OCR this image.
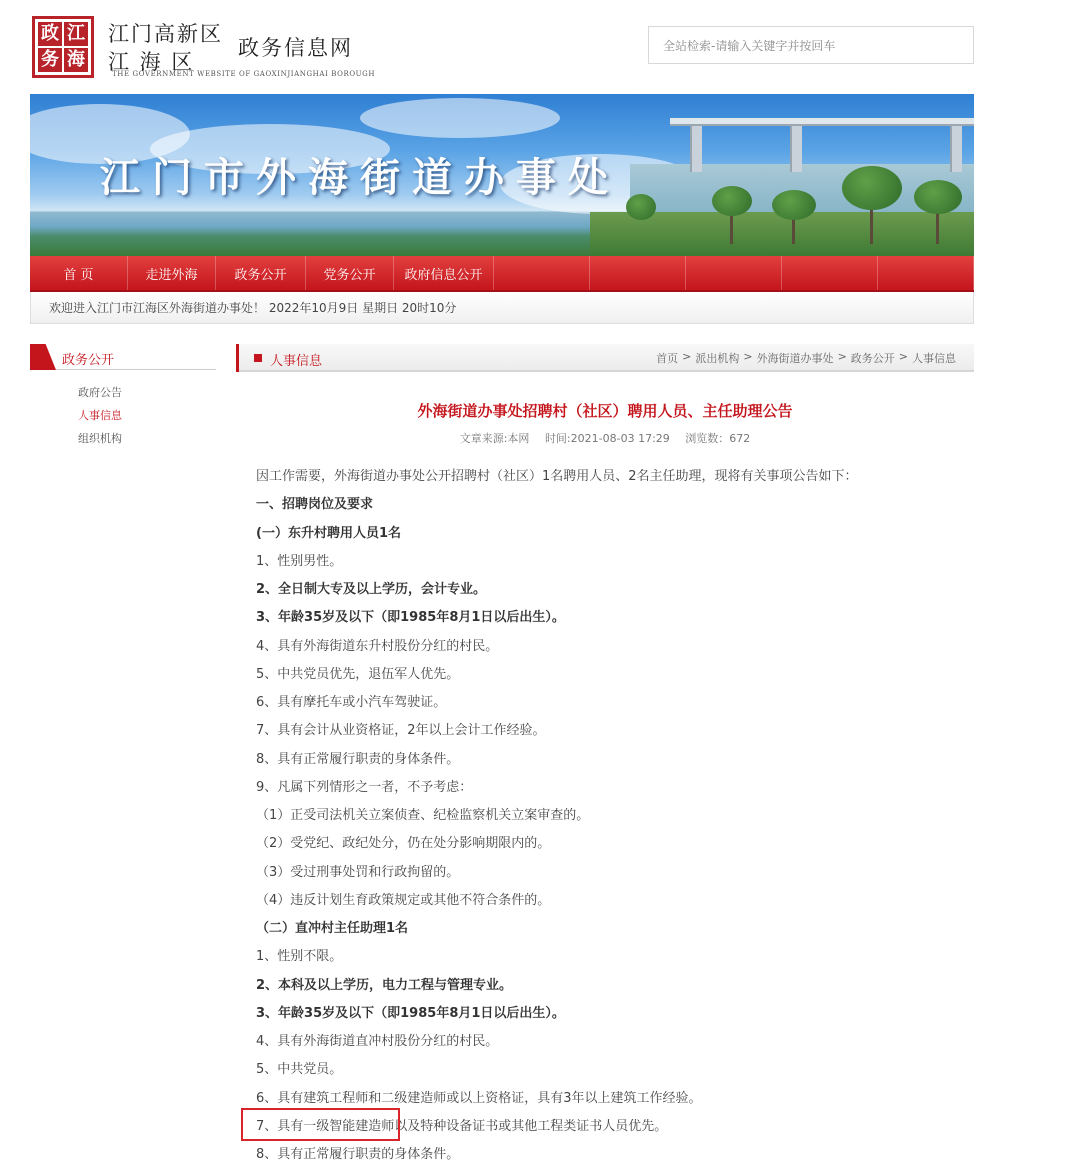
政 江
务 海
江门高新区
江 海 区
政务信息网
THE GOVERNMENT WEBSITE OF GAOXINJIANGHAI BOROUGH
全站检索-请输入关键字并按回车
江门市外海街道办事处
首 页	走进外海	政务公开	党务公开	政府信息公开
欢迎进入江门市江海区外海街道办事处！ 2022年10月9日 星期日 20时10分
政务公开
政府公告
人事信息
组织机构
人事信息	首页 > 派出机构 > 外海街道办事处 > 政务公开 > 人事信息
外海街道办事处招聘村（社区）聘用人员、主任助理公告
文章来源:本网 时间:2021-08-03 17:29 浏览数：672
因工作需要，外海街道办事处公开招聘村（社区）1名聘用人员、2名主任助理，现将有关事项公告如下：
一、招聘岗位及要求
(一）东升村聘用人员1名
1、性别男性。
2、全日制大专及以上学历，会计专业。
3、年龄35岁及以下（即1985年8月1日以后出生）。
4、具有外海街道东升村股份分红的村民。
5、中共党员优先，退伍军人优先。
6、具有摩托车或小汽车驾驶证。
7、具有会计从业资格证，2年以上会计工作经验。
8、具有正常履行职责的身体条件。
9、凡属下列情形之一者，不予考虑：
（1）正受司法机关立案侦查、纪检监察机关立案审查的。
（2）受党纪、政纪处分，仍在处分影响期限内的。
（3）受过刑事处罚和行政拘留的。
（4）违反计划生育政策规定或其他不符合条件的。
（二）直冲村主任助理1名
1、性别不限。
2、本科及以上学历，电力工程与管理专业。
3、年龄35岁及以下（即1985年8月1日以后出生）。
4、具有外海街道直冲村股份分红的村民。
5、中共党员。
6、具有建筑工程师和二级建造师或以上资格证，具有3年以上建筑工作经验。
7、具有一级智能建造师以及特种设备证书或其他工程类证书人员优先。
8、具有正常履行职责的身体条件。
